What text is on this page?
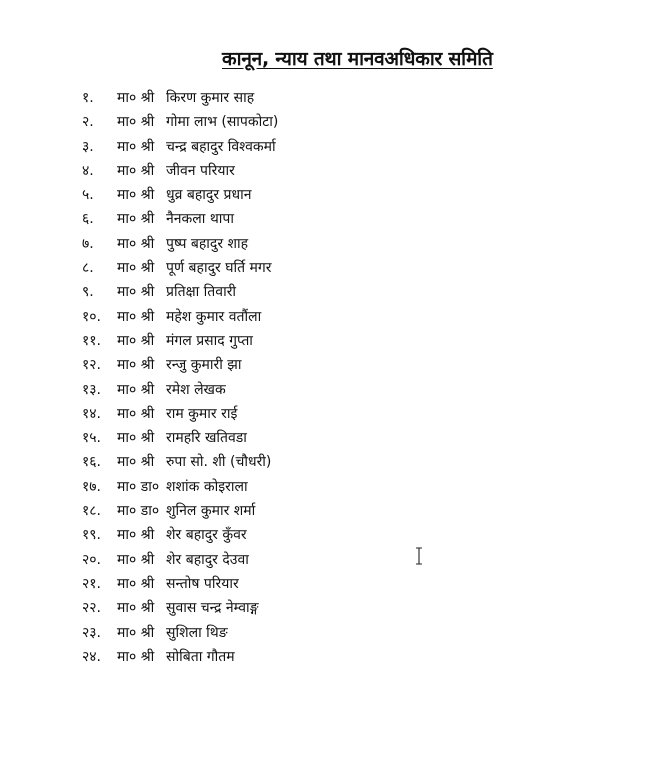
कानून, न्याय तथा मानवअधिकार समिति
१. मा० श्री किरण कुमार साह
२. मा० श्री गोमा लाभ (सापकोटा)
३. मा० श्री चन्द्र बहादुर विश्वकर्मा
४. मा० श्री जीवन परियार
५. मा० श्री धुव्र बहादुर प्रधान
६. मा० श्री नैनकला थापा
७. मा० श्री पुष्प बहादुर शाह
८. मा० श्री पूर्ण बहादुर घर्ति मगर
९. मा० श्री प्रतिक्षा तिवारी
१०. मा० श्री महेश कुमार वतौंला
११. मा० श्री मंगल प्रसाद गुप्ता
१२. मा० श्री रन्जु कुमारी झा
१३. मा० श्री रमेश लेखक
१४. मा० श्री राम कुमार राई
१५. मा० श्री रामहरि खतिवडा
१६. मा० श्री रुपा सो. शी (चौधरी)
१७. मा० डा० शशांक कोइराला
१८. मा० डा० शुनिल कुमार शर्मा
१९. मा० श्री शेर बहादुर कुँवर
२०. मा० श्री शेर बहादुर देउवा
२१. मा० श्री सन्तोष परियार
२२. मा० श्री सुवास चन्द्र नेम्वाङ्ग
२३. मा० श्री सुशिला थिङ
२४. मा० श्री सोबिता गौतम
